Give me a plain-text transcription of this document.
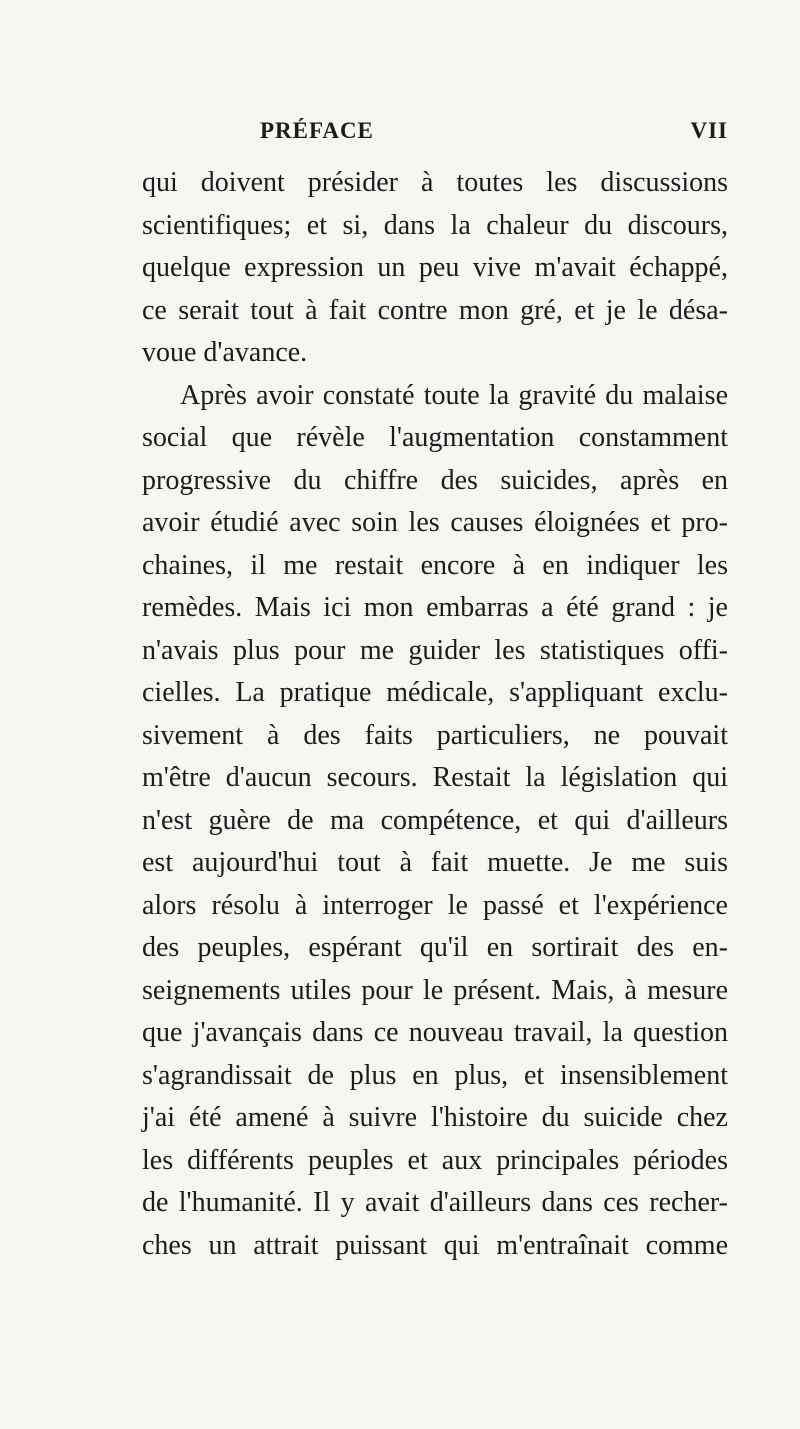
PRÉFACE	VII
qui doivent présider à toutes les discussions
scientifiques; et si, dans la chaleur du discours,
quelque expression un peu vive m'avait échappé,
ce serait tout à fait contre mon gré, et je le désa-
voue d'avance.
Après avoir constaté toute la gravité du malaise
social que révèle l'augmentation constamment
progressive du chiffre des suicides, après en
avoir étudié avec soin les causes éloignées et pro-
chaines, il me restait encore à en indiquer les
remèdes. Mais ici mon embarras a été grand : je
n'avais plus pour me guider les statistiques offi-
cielles. La pratique médicale, s'appliquant exclu-
sivement à des faits particuliers, ne pouvait
m'être d'aucun secours. Restait la législation qui
n'est guère de ma compétence, et qui d'ailleurs
est aujourd'hui tout à fait muette. Je me suis
alors résolu à interroger le passé et l'expérience
des peuples, espérant qu'il en sortirait des en-
seignements utiles pour le présent. Mais, à mesure
que j'avançais dans ce nouveau travail, la question
s'agrandissait de plus en plus, et insensiblement
j'ai été amené à suivre l'histoire du suicide chez
les différents peuples et aux principales périodes
de l'humanité. Il y avait d'ailleurs dans ces recher-
ches un attrait puissant qui m'entraînait comme
